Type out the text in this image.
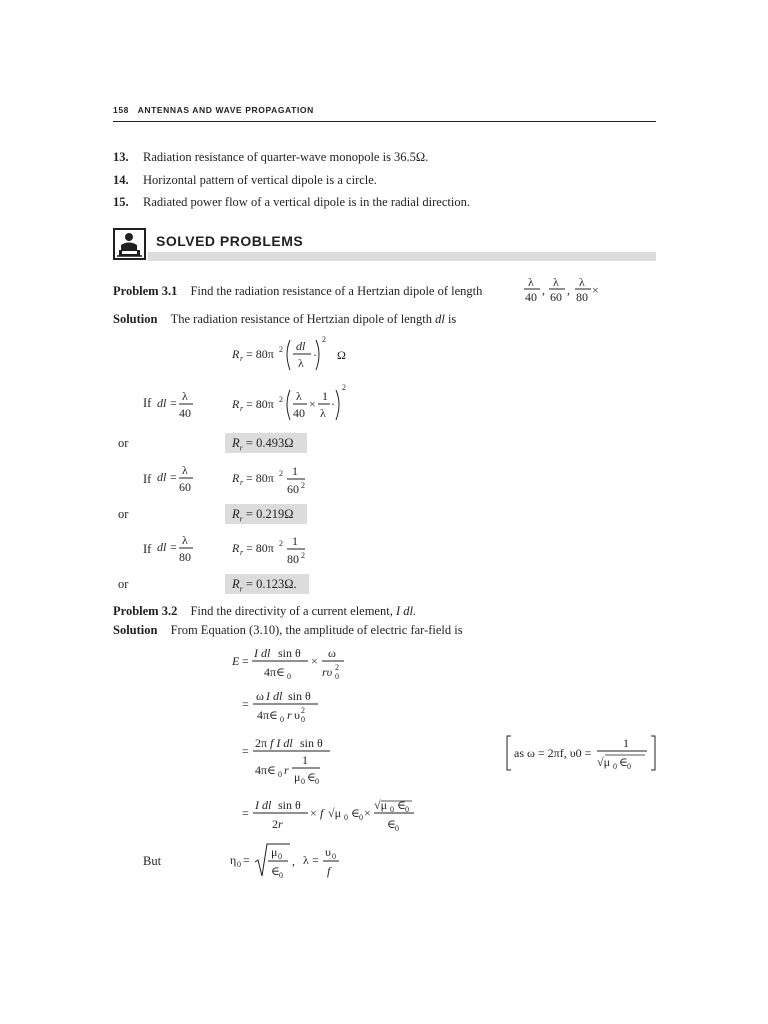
158 ANTENNAS AND WAVE PROPAGATION
13. Radiation resistance of quarter-wave monopole is 36.5Ω.
14. Horizontal pattern of vertical dipole is a circle.
15. Radiated power flow of a vertical dipole is in the radial direction.
SOLVED PROBLEMS
Problem 3.1 Find the radiation resistance of a Hertzian dipole of length
λ
40 ,
λ
60 ,
λ
80 ×
Solution The radiation resistance of Hertzian dipole of length dl is
R r = 80π 2 dl
λ
·
2
Ω
If dl = λ
40
R r = 80π 2 λ
40
×
1
λ
·
2
or	$R_r = 0.493\Omega$
If dl = λ
60
R r = 80π 2 1
60 2
or	$R_r = 0.219\Omega$
If dl = λ
80
R r = 80π 2 1
80 2
or	$R_r = 0.123\Omega$.
Problem 3.2 Find the directivity of a current element, I dl.
Solution From Equation (3.10), the amplitude of electric far-field is
E =
I dl sin θ
4π∈ 0
×
ω
rυ 0
2
=
ω I dl sin θ
4π∈ 0 r υ 0
2
=
2π f I dl sin θ
4π∈ 0 r
1
μ 0 ∈ 0
1
√μ 0 ∈ 0
as ω = 2πf, υ0 =
=
I dl sin θ
2r
× f √μ 0 ∈ 0 ×
√μ 0 ∈ 0
∈ 0
But	η 0 =
μ 0
∈ 0
, λ =
υ 0
f
